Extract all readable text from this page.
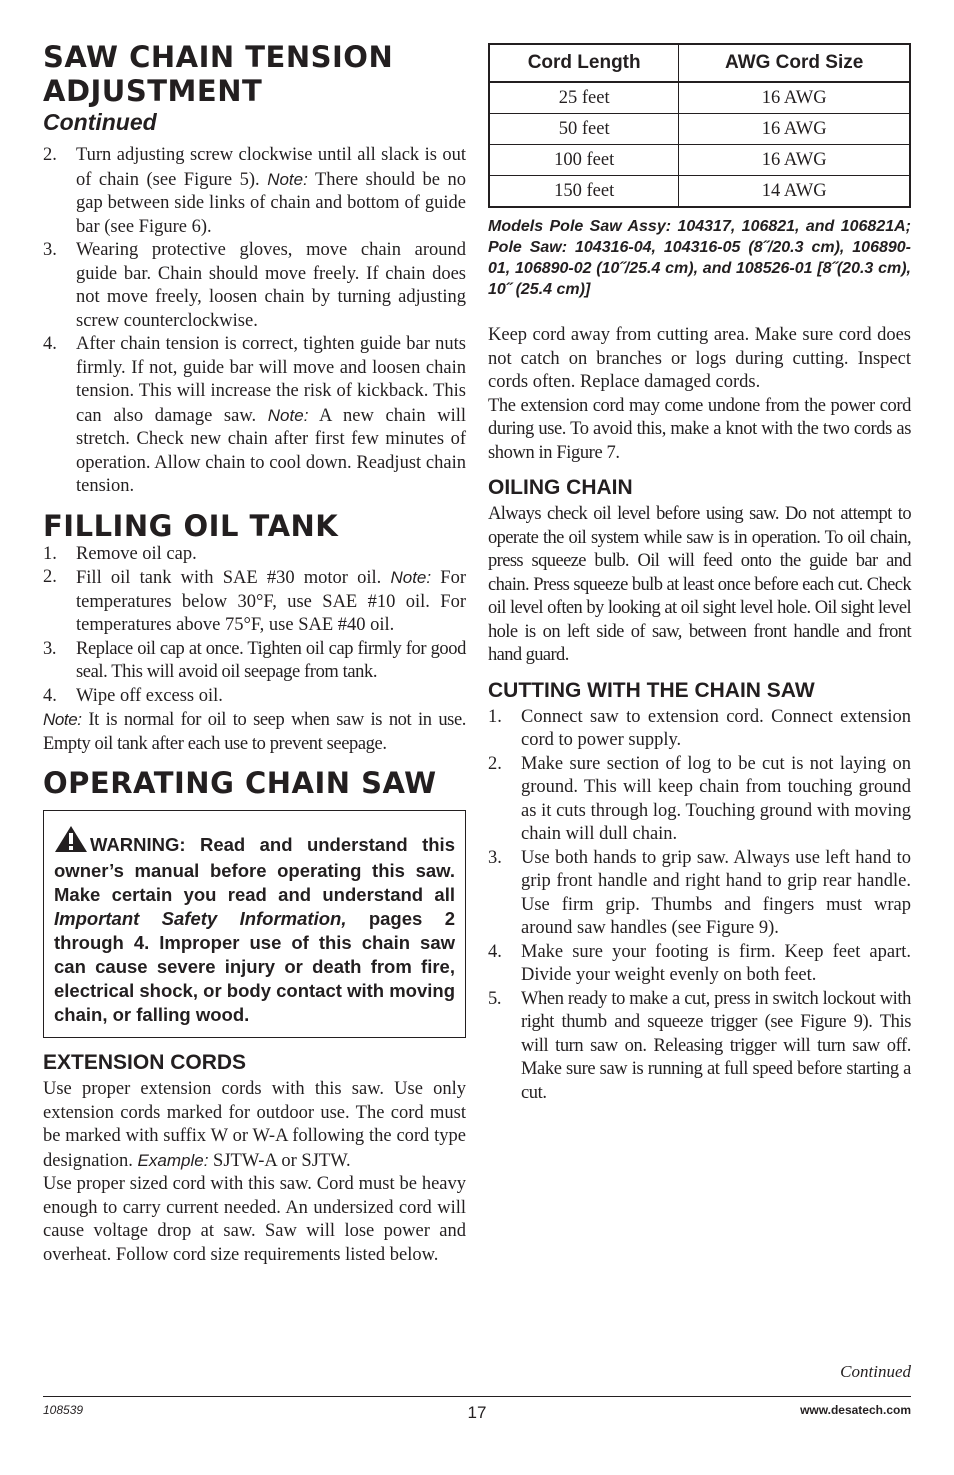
SAW CHAIN TENSION ADJUSTMENT
Continued
2. Turn adjusting screw clockwise until all slack is out of chain (see Figure 5). Note: There should be no gap between side links of chain and bottom of guide bar (see Figure 6).
3. Wearing protective gloves, move chain around guide bar. Chain should move freely. If chain does not move freely, loosen chain by turning adjusting screw counterclockwise.
4. After chain tension is correct, tighten guide bar nuts firmly. If not, guide bar will move and loosen chain tension. This will increase the risk of kickback. This can also damage saw. Note: A new chain will stretch. Check new chain after first few minutes of operation. Allow chain to cool down. Readjust chain tension.
FILLING OIL TANK
1. Remove oil cap.
2. Fill oil tank with SAE #30 motor oil. Note: For temperatures below 30°F, use SAE #10 oil. For temperatures above 75°F, use SAE #40 oil.
3. Replace oil cap at once. Tighten oil cap firmly for good seal. This will avoid oil seepage from tank.
4. Wipe off excess oil.

Note: It is normal for oil to seep when saw is not in use. Empty oil tank after each use to prevent seepage.

OPERATING CHAIN SAW

WARNING: Read and understand this owner’s manual before operating this saw. Make certain you read and understand all Important Safety Information, pages 2 through 4. Improper use of this chain saw can cause severe injury or death from fire, electrical shock, or body contact with moving chain, or falling wood.

EXTENSION CORDS

Use proper extension cords with this saw. Use only extension cords marked for outdoor use. The cord must be marked with suffix W or W-A following the cord type designation. Example: SJTW-A or SJTW.

Use proper sized cord with this saw. Cord must be heavy enough to carry current needed. An undersized cord will cause voltage drop at saw. Saw will lose power and overheat. Follow cord size requirements listed below.

Cord Length	AWG Cord Size
25 feet	16 AWG
50 feet	16 AWG
100 feet	16 AWG
150 feet	14 AWG
Models Pole Saw Assy: 104317, 106821, and 106821A; Pole Saw: 104316-04, 104316-05 (8˝/20.3 cm), 106890-01, 106890-02 (10˝/25.4 cm), and 108526-01 [8˝(20.3 cm), 10˝ (25.4 cm)]

Keep cord away from cutting area. Make sure cord does not catch on branches or logs during cutting. Inspect cords often. Replace damaged cords.

The extension cord may come undone from the power cord during use. To avoid this, make a knot with the two cords as shown in Figure 7.

OILING CHAIN

Always check oil level before using saw. Do not attempt to operate the oil system while saw is in operation. To oil chain, press squeeze bulb. Oil will feed onto the guide bar and chain. Press squeeze bulb at least once before each cut. Check oil level often by looking at oil sight level hole. Oil sight level hole is on left side of saw, between front handle and front hand guard.

CUTTING WITH THE CHAIN SAW
1. Connect saw to extension cord. Connect extension cord to power supply.
2. Make sure section of log to be cut is not laying on ground. This will keep chain from touching ground as it cuts through log. Touching ground with moving chain will dull chain.
3. Use both hands to grip saw. Always use left hand to grip front handle and right hand to grip rear handle. Use firm grip. Thumbs and fingers must wrap around saw handles (see Figure 9).
4. Make sure your footing is firm. Keep feet apart. Divide your weight evenly on both feet.
5. When ready to make a cut, press in switch lockout with right thumb and squeeze trigger (see Figure 9). This will turn saw on. Releasing trigger will turn saw off. Make sure saw is running at full speed before starting a cut.
Continued
108539	17	www.desatech.com
